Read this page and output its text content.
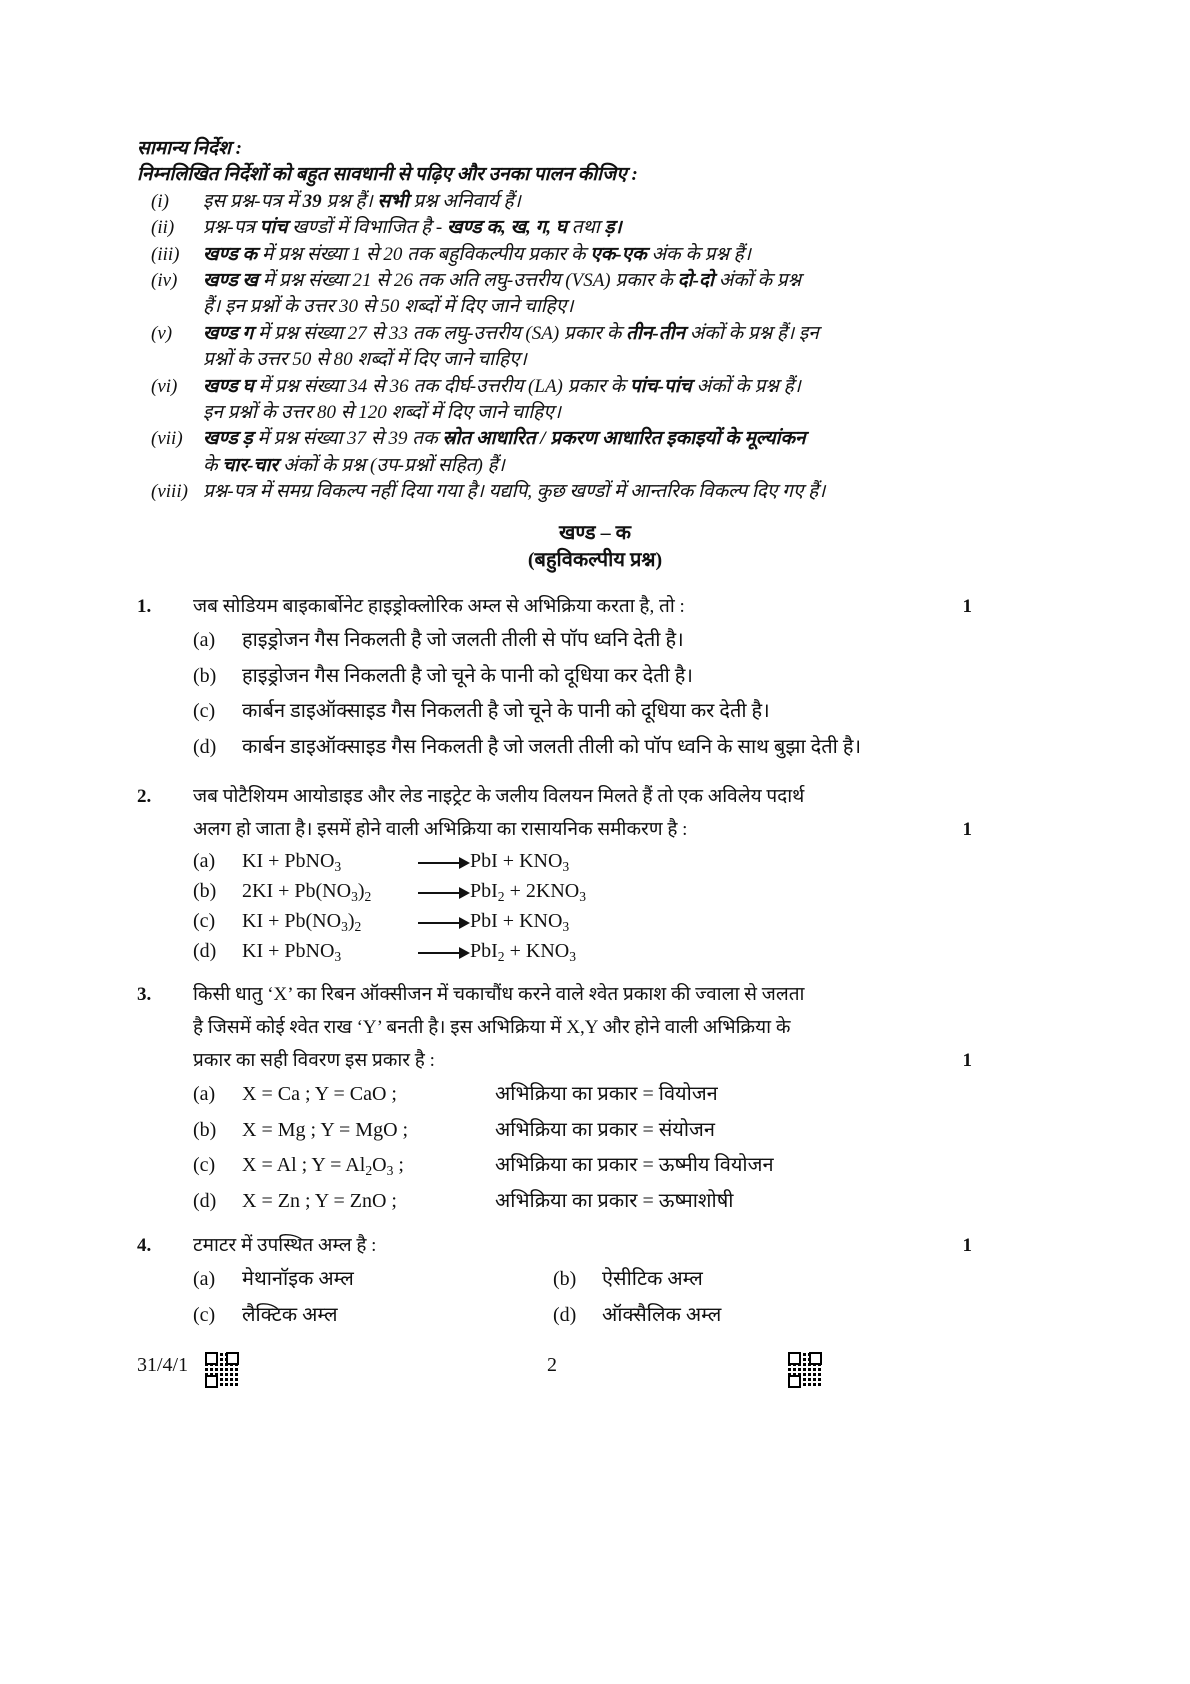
सामान्य निर्देश :
निम्नलिखित निर्देशों को बहुत सावधानी से पढ़िए और उनका पालन कीजिए :
(i)	इस प्रश्न-पत्र में 39 प्रश्न हैं। सभी प्रश्न अनिवार्य हैं।
(ii)	प्रश्न-पत्र पांच खण्डों में विभाजित है - खण्ड क, ख, ग, घ तथा ड़।
(iii)	खण्ड क में प्रश्न संख्या 1 से 20 तक बहुविकल्पीय प्रकार के एक-एक अंक के प्रश्न हैं।
(iv)	खण्ड ख में प्रश्न संख्या 21 से 26 तक अति लघु-उत्तरीय (VSA) प्रकार के दो-दो अंकों के प्रश्न
हैं। इन प्रश्नों के उत्तर 30 से 50 शब्दों में दिए जाने चाहिए।
(v)	खण्ड ग में प्रश्न संख्या 27 से 33 तक लघु-उत्तरीय (SA) प्रकार के तीन-तीन अंकों के प्रश्न हैं। इन
प्रश्नों के उत्तर 50 से 80 शब्दों में दिए जाने चाहिए।
(vi)	खण्ड घ में प्रश्न संख्या 34 से 36 तक दीर्घ-उत्तरीय (LA) प्रकार के पांच-पांच अंकों के प्रश्न हैं।
इन प्रश्नों के उत्तर 80 से 120 शब्दों में दिए जाने चाहिए।
(vii)	खण्ड ड़ में प्रश्न संख्या 37 से 39 तक स्रोत आधारित / प्रकरण आधारित इकाइयों के मूल्यांकन
के चार-चार अंकों के प्रश्न (उप-प्रश्नों सहित) हैं।
(viii) प्रश्न-पत्र में समग्र विकल्प नहीं दिया गया है। यद्यपि, कुछ खण्डों में आन्तरिक विकल्प दिए गए हैं।
खण्ड – क
(बहुविकल्पीय प्रश्न)
1. जब सोडियम बाइकार्बोनेट हाइड्रोक्लोरिक अम्ल से अभिक्रिया करता है, तो :	1
(a) हाइड्रोजन गैस निकलती है जो जलती तीली से पॉप ध्वनि देती है।
(b) हाइड्रोजन गैस निकलती है जो चूने के पानी को दूधिया कर देती है।
(c) कार्बन डाइऑक्साइड गैस निकलती है जो चूने के पानी को दूधिया कर देती है।
(d) कार्बन डाइऑक्साइड गैस निकलती है जो जलती तीली को पॉप ध्वनि के साथ बुझा देती है।
2. जब पोटैशियम आयोडाइड और लेड नाइट्रेट के जलीय विलयन मिलते हैं तो एक अविलेय पदार्थ
अलग हो जाता है। इसमें होने वाली अभिक्रिया का रासायनिक समीकरण है :	1
(a) KI + PbNO$_3$	PbI + $KNO_3$
(b) $2KI + Pb(NO_3)_2$	$PbI_2 + 2KNO_3$
(c) KI + $Pb(NO_3)_2$	PbI + $KNO_3$
(d) KI + PbNO$_3$	$PbI_2 + KNO_3$
3. किसी धातु ‘X’ का रिबन ऑक्सीजन में चकाचौंध करने वाले श्वेत प्रकाश की ज्वाला से जलता
है जिसमें कोई श्वेत राख ‘Y’ बनती है। इस अभिक्रिया में X,Y और होने वाली अभिक्रिया के
प्रकार का सही विवरण इस प्रकार है :	1
(a) X = Ca ; Y = CaO ;	अभिक्रिया का प्रकार = वियोजन
(b) X = Mg ; Y = MgO ;	अभिक्रिया का प्रकार = संयोजन
(c) X = Al ; $Y = Al_2O_3$ ;	अभिक्रिया का प्रकार = ऊष्मीय वियोजन
(d) X = Zn ; Y = ZnO ;	अभिक्रिया का प्रकार = ऊष्माशोषी
4. टमाटर में उपस्थित अम्ल है :	1
(a) मेथानॉइक अम्ल	(b) ऐसीटिक अम्ल
(c) लैक्टिक अम्ल	(d) ऑक्सैलिक अम्ल
31/4/1	2
